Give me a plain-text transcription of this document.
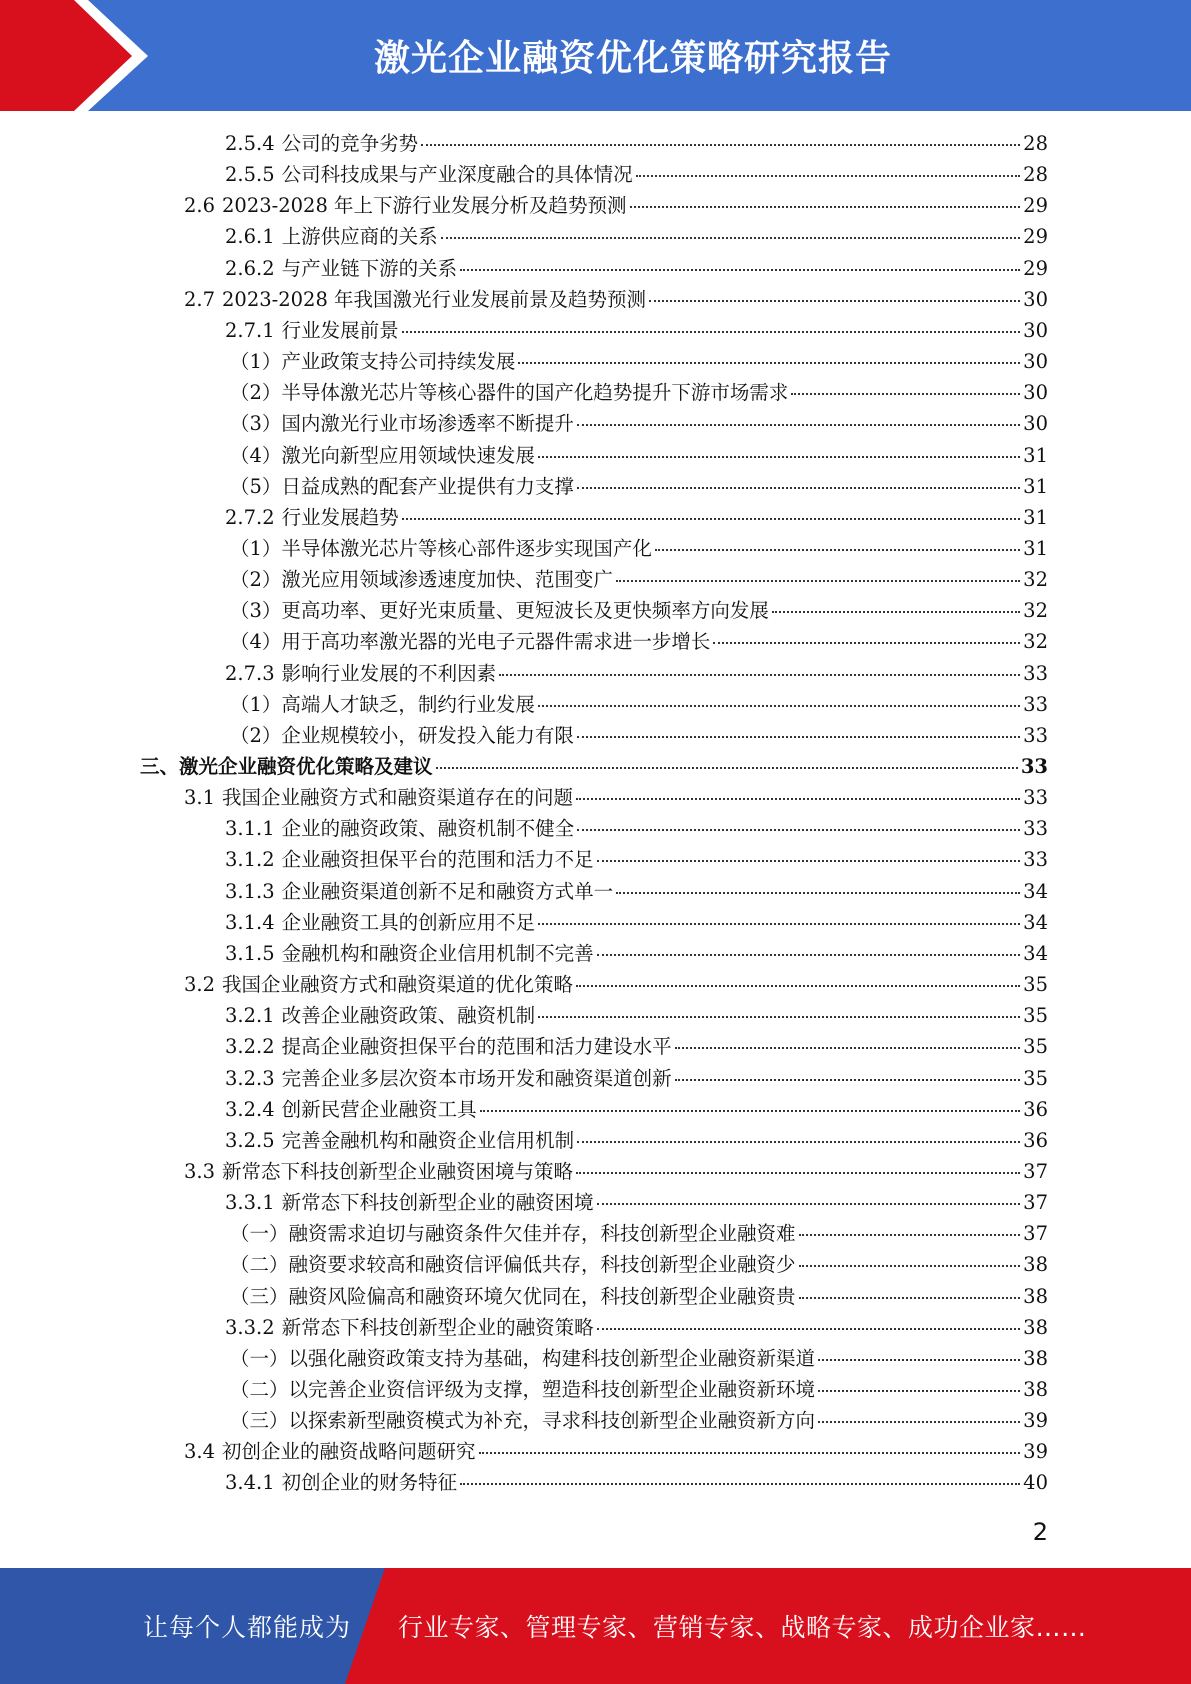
激光企业融资优化策略研究报告
2.5.4 公司的竞争劣势	28
2.5.5 公司科技成果与产业深度融合的具体情况	28
2.6 2023-2028 年上下游行业发展分析及趋势预测	29
2.6.1 上游供应商的关系	29
2.6.2 与产业链下游的关系	29
2.7 2023-2028 年我国激光行业发展前景及趋势预测	30
2.7.1 行业发展前景	30
（1）产业政策支持公司持续发展	30
（2）半导体激光芯片等核心器件的国产化趋势提升下游市场需求	30
（3）国内激光行业市场渗透率不断提升	30
（4）激光向新型应用领域快速发展	31
（5）日益成熟的配套产业提供有力支撑	31
2.7.2 行业发展趋势	31
（1）半导体激光芯片等核心部件逐步实现国产化	31
（2）激光应用领域渗透速度加快、范围变广	32
（3）更高功率、更好光束质量、更短波长及更快频率方向发展	32
（4）用于高功率激光器的光电子元器件需求进一步增长	32
2.7.3 影响行业发展的不利因素	33
（1）高端人才缺乏，制约行业发展	33
（2）企业规模较小，研发投入能力有限	33
三、激光企业融资优化策略及建议	33
3.1 我国企业融资方式和融资渠道存在的问题	33
3.1.1 企业的融资政策、融资机制不健全	33
3.1.2 企业融资担保平台的范围和活力不足	33
3.1.3 企业融资渠道创新不足和融资方式单一	34
3.1.4 企业融资工具的创新应用不足	34
3.1.5 金融机构和融资企业信用机制不完善	34
3.2 我国企业融资方式和融资渠道的优化策略	35
3.2.1 改善企业融资政策、融资机制	35
3.2.2 提高企业融资担保平台的范围和活力建设水平	35
3.2.3 完善企业多层次资本市场开发和融资渠道创新	35
3.2.4 创新民营企业融资工具	36
3.2.5 完善金融机构和融资企业信用机制	36
3.3 新常态下科技创新型企业融资困境与策略	37
3.3.1 新常态下科技创新型企业的融资困境	37
（一）融资需求迫切与融资条件欠佳并存，科技创新型企业融资难	37
（二）融资要求较高和融资信评偏低共存，科技创新型企业融资少	38
（三）融资风险偏高和融资环境欠优同在，科技创新型企业融资贵	38
3.3.2 新常态下科技创新型企业的融资策略	38
（一）以强化融资政策支持为基础，构建科技创新型企业融资新渠道	38
（二）以完善企业资信评级为支撑，塑造科技创新型企业融资新环境	38
（三）以探索新型融资模式为补充，寻求科技创新型企业融资新方向	39
3.4 初创企业的融资战略问题研究	39
3.4.1 初创企业的财务特征	40
2
让每个人都能成为 行业专家、管理专家、营销专家、战略专家、成功企业家……
